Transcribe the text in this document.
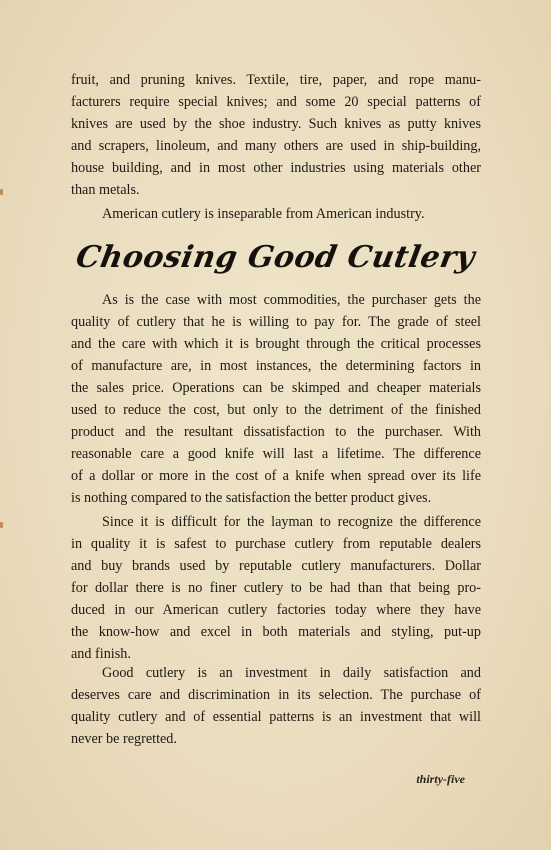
fruit, and pruning knives. Textile, tire, paper, and rope manu-
facturers require special knives; and some 20 special patterns of
knives are used by the shoe industry. Such knives as putty knives
and scrapers, linoleum, and many others are used in ship-building,
house building, and in most other industries using materials other
than metals.
American cutlery is inseparable from American industry.
Choosing Good Cutlery
As is the case with most commodities, the purchaser gets the
quality of cutlery that he is willing to pay for. The grade of steel
and the care with which it is brought through the critical processes
of manufacture are, in most instances, the determining factors in
the sales price. Operations can be skimped and cheaper materials
used to reduce the cost, but only to the detriment of the finished
product and the resultant dissatisfaction to the purchaser. With
reasonable care a good knife will last a lifetime. The difference
of a dollar or more in the cost of a knife when spread over its life
is nothing compared to the satisfaction the better product gives.
Since it is difficult for the layman to recognize the difference
in quality it is safest to purchase cutlery from reputable dealers
and buy brands used by reputable cutlery manufacturers. Dollar
for dollar there is no finer cutlery to be had than that being pro-
duced in our American cutlery factories today where they have
the know-how and excel in both materials and styling, put-up
and finish.
Good cutlery is an investment in daily satisfaction and
deserves care and discrimination in its selection. The purchase of
quality cutlery and of essential patterns is an investment that will
never be regretted.
thirty-five
